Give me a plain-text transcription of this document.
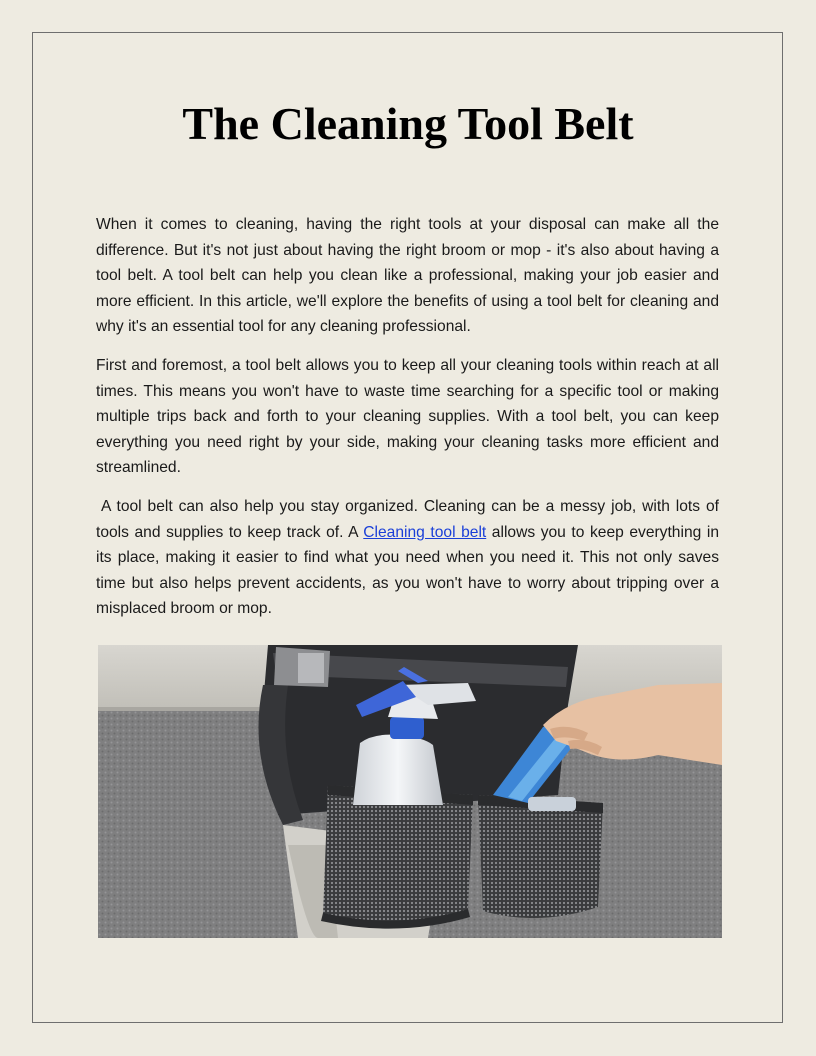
The Cleaning Tool Belt

When it comes to cleaning, having the right tools at your disposal can make all the difference. But it's not just about having the right broom or mop - it's also about having a tool belt. A tool belt can help you clean like a professional, making your job easier and more efficient. In this article, we'll explore the benefits of using a tool belt for cleaning and why it's an essential tool for any cleaning professional.

First and foremost, a tool belt allows you to keep all your cleaning tools within reach at all times. This means you won't have to waste time searching for a specific tool or making multiple trips back and forth to your cleaning supplies. With a tool belt, you can keep everything you need right by your side, making your cleaning tasks more efficient and streamlined.

A tool belt can also help you stay organized. Cleaning can be a messy job, with lots of tools and supplies to keep track of. A Cleaning tool belt allows you to keep everything in its place, making it easier to find what you need when you need it. This not only saves time but also helps prevent accidents, as you won't have to worry about tripping over a misplaced broom or mop.
